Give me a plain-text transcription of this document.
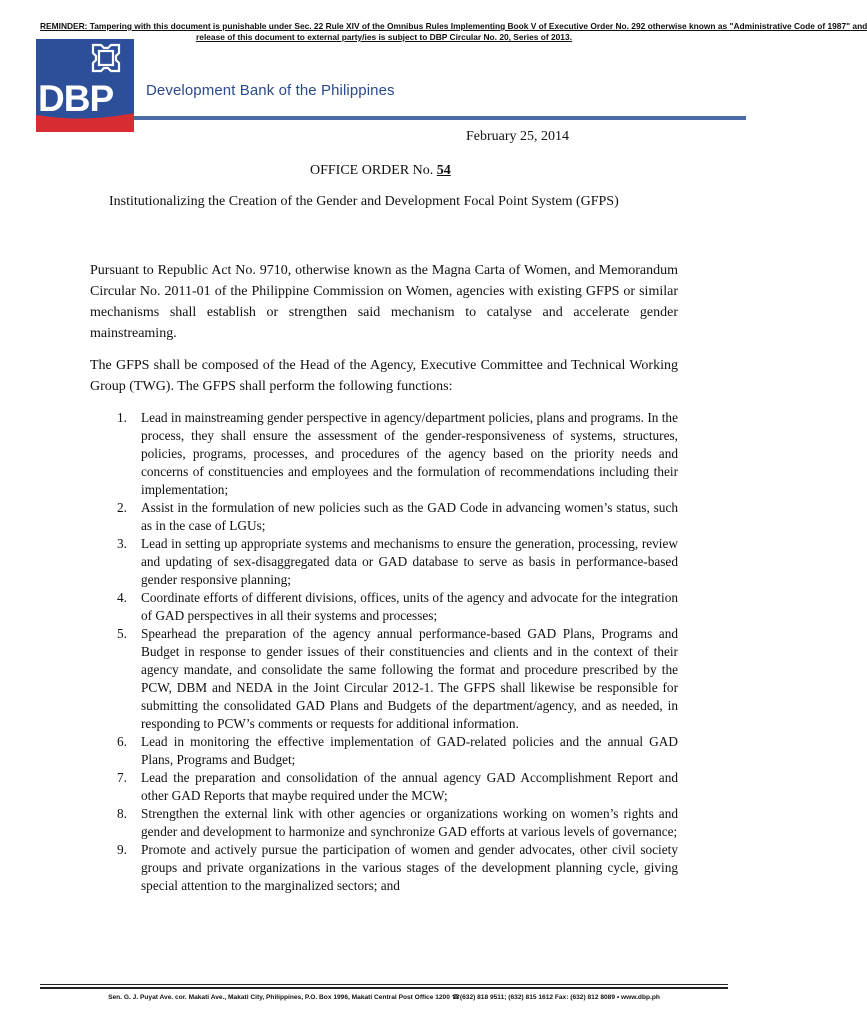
REMINDER: Tampering with this document is punishable under Sec. 22 Rule XIV of the Omnibus Rules Implementing Book V of Executive Order No. 292 otherwise known as "Administrative Code of 1987" and
release of this document to external party/ies is subject to DBP Circular No. 20, Series of 2013.
DBP Development Bank of the Philippines
February 25, 2014
OFFICE ORDER No. 54
Institutionalizing the Creation of the Gender and Development Focal Point System (GFPS)

Pursuant to Republic Act No. 9710, otherwise known as the Magna Carta of Women, and Memorandum Circular No. 2011-01 of the Philippine Commission on Women, agencies with existing GFPS or similar mechanisms shall establish or strengthen said mechanism to catalyse and accelerate gender mainstreaming.

The GFPS shall be composed of the Head of the Agency, Executive Committee and Technical Working Group (TWG). The GFPS shall perform the following functions:

1. Lead in mainstreaming gender perspective in agency/department policies, plans and programs. In the process, they shall ensure the assessment of the gender-responsiveness of systems, structures, policies, programs, processes, and procedures of the agency based on the priority needs and concerns of constituencies and employees and the formulation of recommendations including their implementation;
2. Assist in the formulation of new policies such as the GAD Code in advancing women’s status, such as in the case of LGUs;
3. Lead in setting up appropriate systems and mechanisms to ensure the generation, processing, review and updating of sex-disaggregated data or GAD database to serve as basis in performance-based gender responsive planning;
4. Coordinate efforts of different divisions, offices, units of the agency and advocate for the integration of GAD perspectives in all their systems and processes;
5. Spearhead the preparation of the agency annual performance-based GAD Plans, Programs and Budget in response to gender issues of their constituencies and clients and in the context of their agency mandate, and consolidate the same following the format and procedure prescribed by the PCW, DBM and NEDA in the Joint Circular 2012-1. The GFPS shall likewise be responsible for submitting the consolidated GAD Plans and Budgets of the department/agency, and as needed, in responding to PCW’s comments or requests for additional information.
6. Lead in monitoring the effective implementation of GAD-related policies and the annual GAD Plans, Programs and Budget;
7. Lead the preparation and consolidation of the annual agency GAD Accomplishment Report and other GAD Reports that maybe required under the MCW;
8. Strengthen the external link with other agencies or organizations working on women’s rights and gender and development to harmonize and synchronize GAD efforts at various levels of governance;
9. Promote and actively pursue the participation of women and gender advocates, other civil society groups and private organizations in the various stages of the development planning cycle, giving special attention to the marginalized sectors; and
Sen. G. J. Puyat Ave. cor. Makati Ave., Makati City, Philippines, P.O. Box 1996, Makati Central Post Office 1200 ☎(632) 818 9511; (632) 815 1612 Fax: (632) 812 8089 • www.dbp.ph
